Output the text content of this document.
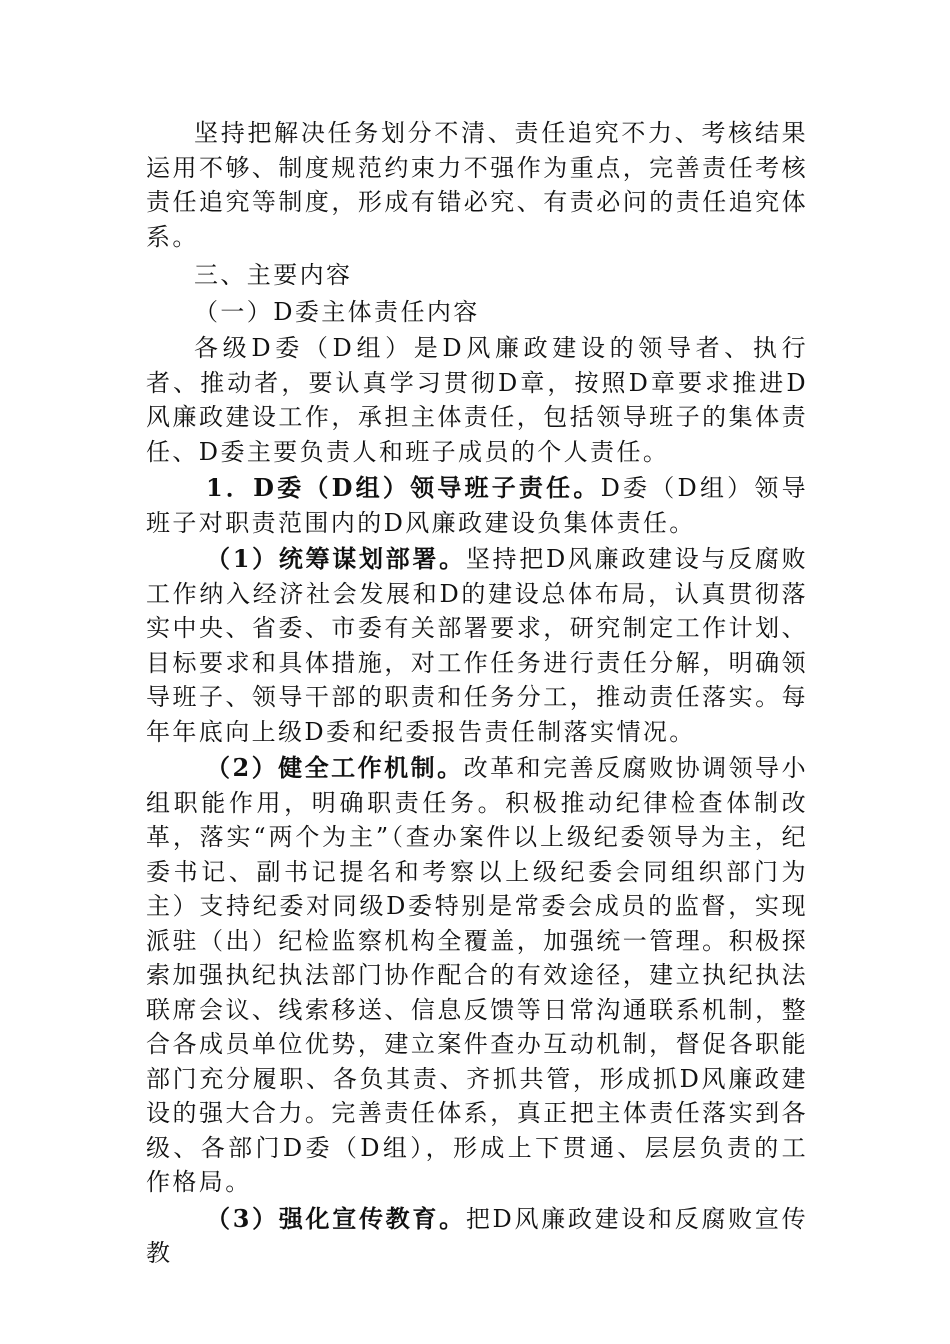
坚持把解决任务划分不清、责任追究不力、考核结果运用不够、制度规范约束力不强作为重点，完善责任考核责任追究等制度，形成有错必究、有责必问的责任追究体系。

三、主要内容

（一）D委主体责任内容

各级D委（D组）是D风廉政建设的领导者、执行者、推动者，要认真学习贯彻D章，按照D章要求推进D风廉政建设工作，承担主体责任，包括领导班子的集体责任、D委主要负责人和班子成员的个人责任。

1．D委（D组）领导班子责任。D委（D组）领导班子对职责范围内的D风廉政建设负集体责任。

（1）统筹谋划部署。坚持把D风廉政建设与反腐败工作纳入经济社会发展和D的建设总体布局，认真贯彻落实中央、省委、市委有关部署要求，研究制定工作计划、目标要求和具体措施，对工作任务进行责任分解，明确领导班子、领导干部的职责和任务分工，推动责任落实。每年年底向上级D委和纪委报告责任制落实情况。

（2）健全工作机制。改革和完善反腐败协调领导小组职能作用，明确职责任务。积极推动纪律检查体制改革，落实“两个为主”（查办案件以上级纪委领导为主，纪委书记、副书记提名和考察以上级纪委会同组织部门为主）支持纪委对同级D委特别是常委会成员的监督，实现派驻（出）纪检监察机构全覆盖，加强统一管理。积极探索加强执纪执法部门协作配合的有效途径，建立执纪执法联席会议、线索移送、信息反馈等日常沟通联系机制，整合各成员单位优势，建立案件查办互动机制，督促各职能部门充分履职、各负其责、齐抓共管，形成抓D风廉政建设的强大合力。完善责任体系，真正把主体责任落实到各级、各部门D委（D组），形成上下贯通、层层负责的工作格局。

（3）强化宣传教育。把D风廉政建设和反腐败宣传教
